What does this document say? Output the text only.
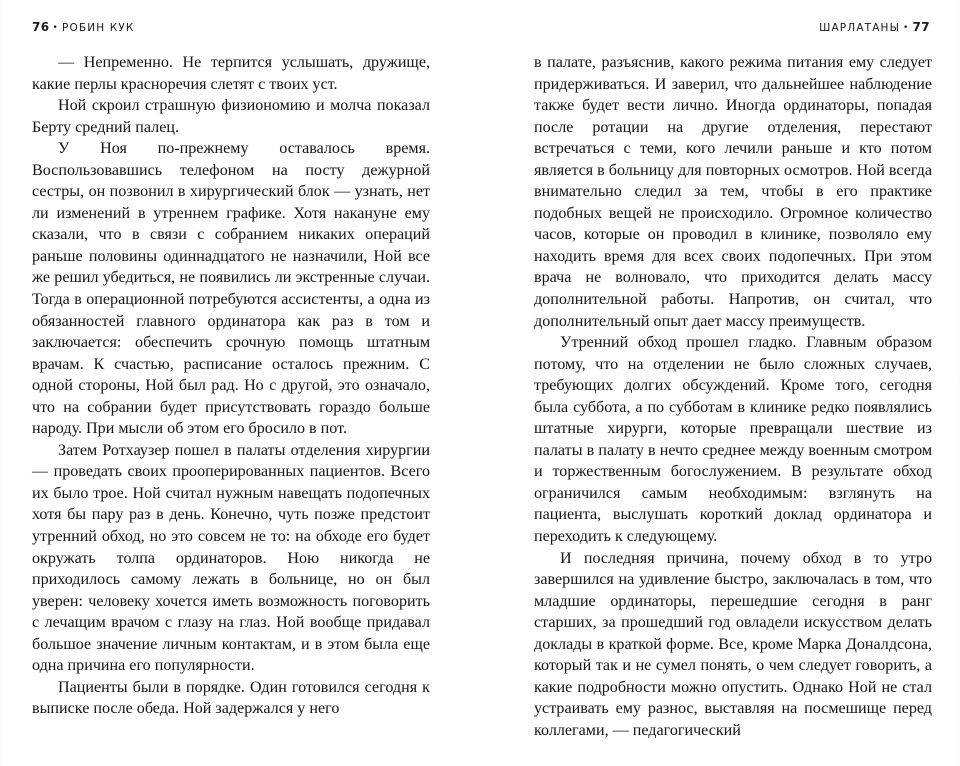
76 • РОБИН КУК	ШАРЛАТАНЫ • 77

— Непременно. Не терпится услышать, дружище, какие перлы красноречия слетят с твоих уст.

Ной скроил страшную физиономию и молча показал Берту средний палец.

У Ноя по-прежнему оставалось время. Воспользовавшись телефоном на посту дежурной сестры, он позвонил в хирургический блок — узнать, нет ли изменений в утреннем графике. Хотя накануне ему сказали, что в связи с собранием никаких операций раньше половины одиннадцатого не назначили, Ной все же решил убедиться, не появились ли экстренные случаи. Тогда в операционной потребуются ассистенты, а одна из обязанностей главного ординатора как раз в том и заключается: обеспечить срочную помощь штатным врачам. К счастью, расписание осталось прежним. С одной стороны, Ной был рад. Но с другой, это означало, что на собрании будет присутствовать гораздо больше народу. При мысли об этом его бросило в пот.

Затем Ротхаузер пошел в палаты отделения хирургии — проведать своих прооперированных пациентов. Всего их было трое. Ной считал нужным навещать подопечных хотя бы пару раз в день. Конечно, чуть позже предстоит утренний обход, но это совсем не то: на обходе его будет окружать толпа ординаторов. Ною никогда не приходилось самому лежать в больнице, но он был уверен: человеку хочется иметь возможность поговорить с лечащим врачом с глазу на глаз. Ной вообще придавал большое значение личным контактам, и в этом была еще одна причина его популярности.

Пациенты были в порядке. Один готовился сегодня к выписке после обеда. Ной задержался у него

в палате, разъяснив, какого режима питания ему следует придерживаться. И заверил, что дальнейшее наблюдение также будет вести лично. Иногда ординаторы, попадая после ротации на другие отделения, перестают встречаться с теми, кого лечили раньше и кто потом является в больницу для повторных осмотров. Ной всегда внимательно следил за тем, чтобы в его практике подобных вещей не происходило. Огромное количество часов, которые он проводил в клинике, позволяло ему находить время для всех своих подопечных. При этом врача не волновало, что приходится делать массу дополнительной работы. Напротив, он считал, что дополнительный опыт дает массу преимуществ.

Утренний обход прошел гладко. Главным образом потому, что на отделении не было сложных случаев, требующих долгих обсуждений. Кроме того, сегодня была суббота, а по субботам в клинике редко появлялись штатные хирурги, которые превращали шествие из палаты в палату в нечто среднее между военным смотром и торжественным богослужением. В результате обход ограничился самым необходимым: взглянуть на пациента, выслушать короткий доклад ординатора и переходить к следующему.

И последняя причина, почему обход в то утро завершился на удивление быстро, заключалась в том, что младшие ординаторы, перешедшие сегодня в ранг старших, за прошедший год овладели искусством делать доклады в краткой форме. Все, кроме Марка Доналдсона, который так и не сумел понять, о чем следует говорить, а какие подробности можно опустить. Однако Ной не стал устраивать ему разнос, выставляя на посмешище перед коллегами, — педагогический
